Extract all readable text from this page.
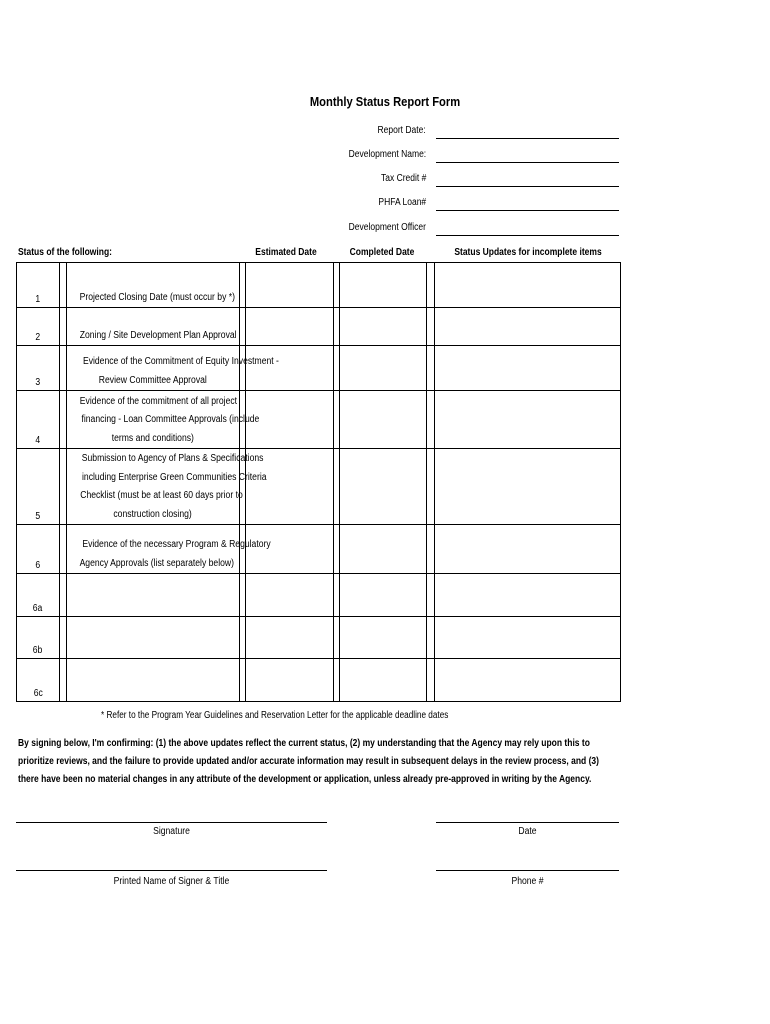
Monthly Status Report Form
Report Date:
Development Name:
Tax Credit #
PHFA Loan#
Development Officer
Status of the following:	Estimated Date	Completed Date	Status Updates for incomplete items
1		Projected Closing Date (must occur by *)						
2		Zoning / Site Development Plan Approval						
3		Evidence of the Commitment of Equity Investment -
Review Committee Approval						
4		Evidence of the commitment of all project
financing - Loan Committee Approvals (include
terms and conditions)						
5		Submission to Agency of Plans & Specifications
including Enterprise Green Communities Criteria
Checklist (must be at least 60 days prior to
construction closing)						
6		Evidence of the necessary Program & Regulatory
Agency Approvals (list separately below)						
6a								
6b								
6c								
* Refer to the Program Year Guidelines and Reservation Letter for the applicable deadline dates
By signing below, I'm confirming: (1) the above updates reflect the current status, (2) my understanding that the Agency may rely upon this to prioritize reviews, and the failure to provide updated and/or accurate information may result in subsequent delays in the review process, and (3) there have been no material changes in any attribute of the development or application, unless already pre-approved in writing by the Agency.
Signature	Date
Printed Name of Signer & Title	Phone #
